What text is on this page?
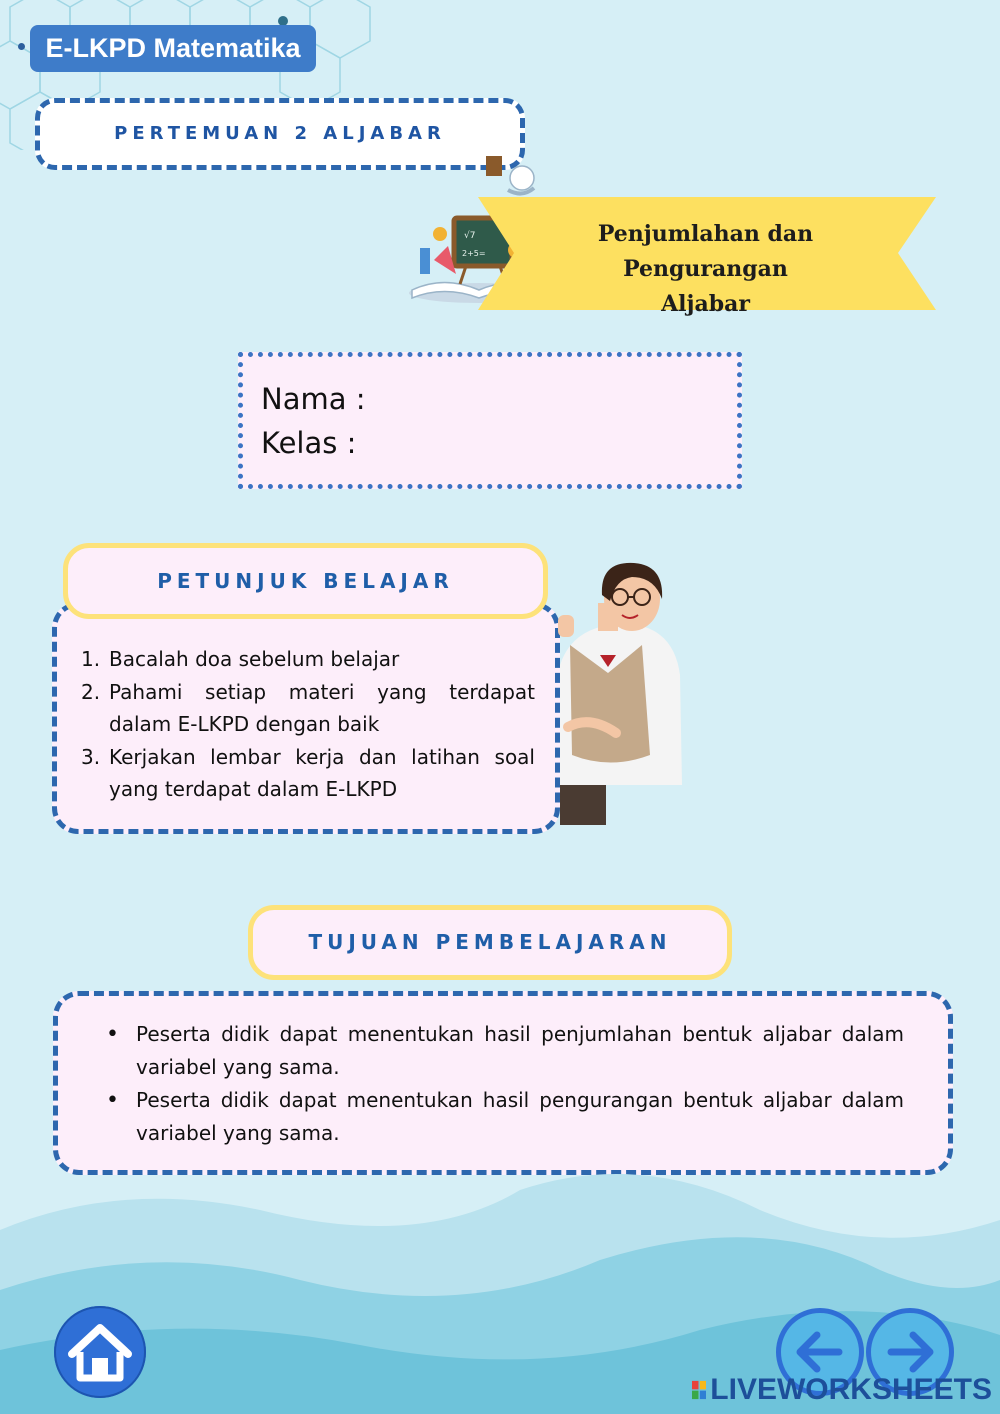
E-LKPD Matematika
PERTEMUAN 2 ALJABAR
√7
2+5=
Penjumlahan dan Pengurangan
Aljabar
Nama :
Kelas :
1. Bacalah doa sebelum belajar
2. Pahami setiap materi yang terdapat dalam E-LKPD dengan baik
3. Kerjakan lembar kerja dan latihan soal yang terdapat dalam E-LKPD
PETUNJUK BELAJAR
TUJUAN PEMBELAJARAN
• Peserta didik dapat menentukan hasil penjumlahan bentuk aljabar dalam variabel yang sama.
• Peserta didik dapat menentukan hasil pengurangan bentuk aljabar dalam variabel yang sama.
LIVEWORKSHEETS
